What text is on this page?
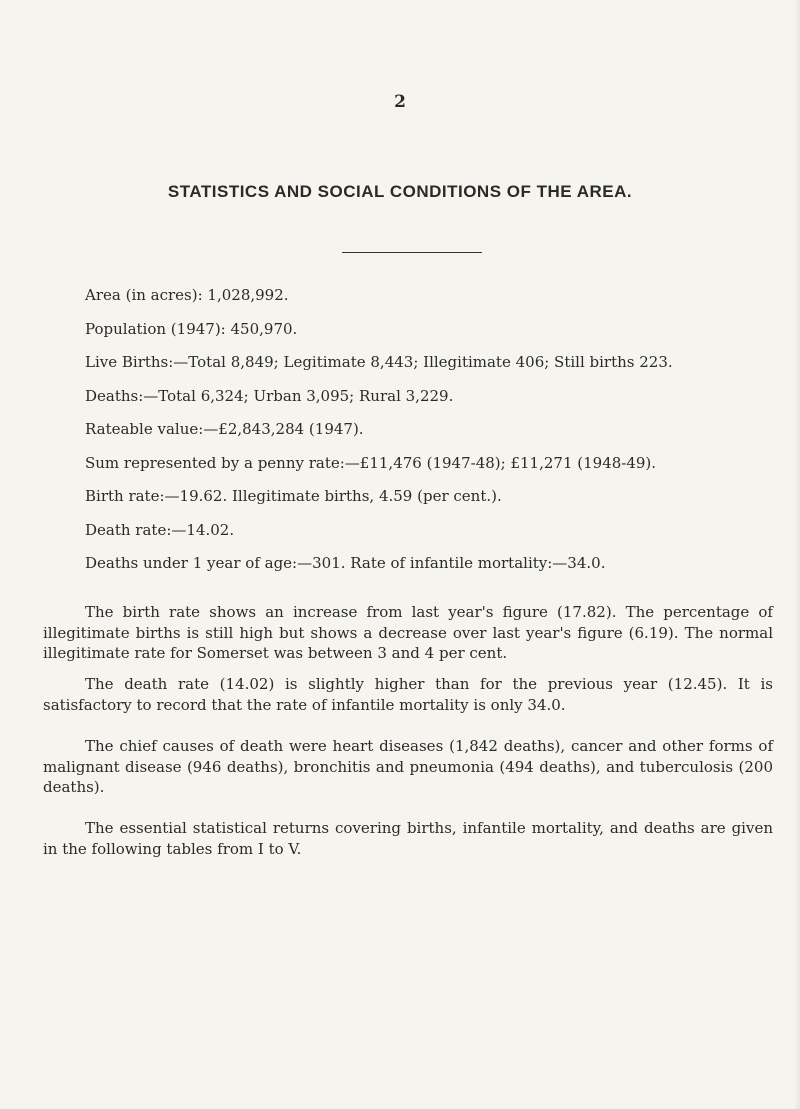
2
STATISTICS AND SOCIAL CONDITIONS OF THE AREA.
Area (in acres): 1,028,992.
Population (1947): 450,970.
Live Births:—Total 8,849; Legitimate 8,443; Illegitimate 406; Still births 223.
Deaths:—Total 6,324; Urban 3,095; Rural 3,229.
Rateable value:—£2,843,284 (1947).
Sum represented by a penny rate:—£11,476 (1947-48); £11,271 (1948-49).
Birth rate:—19.62. Illegitimate births, 4.59 (per cent.).
Death rate:—14.02.
Deaths under 1 year of age:—301. Rate of infantile mortality:—34.0.

The birth rate shows an increase from last year's figure (17.82). The percentage of illegitimate births is still high but shows a decrease over last year's figure (6.19). The normal illegitimate rate for Somerset was between 3 and 4 per cent.

The death rate (14.02) is slightly higher than for the previous year (12.45). It is satisfactory to record that the rate of infantile mortality is only 34.0.

The chief causes of death were heart diseases (1,842 deaths), cancer and other forms of malignant disease (946 deaths), bronchitis and pneumonia (494 deaths), and tuberculosis (200 deaths).

The essential statistical returns covering births, infantile mortality, and deaths are given in the following tables from I to V.
